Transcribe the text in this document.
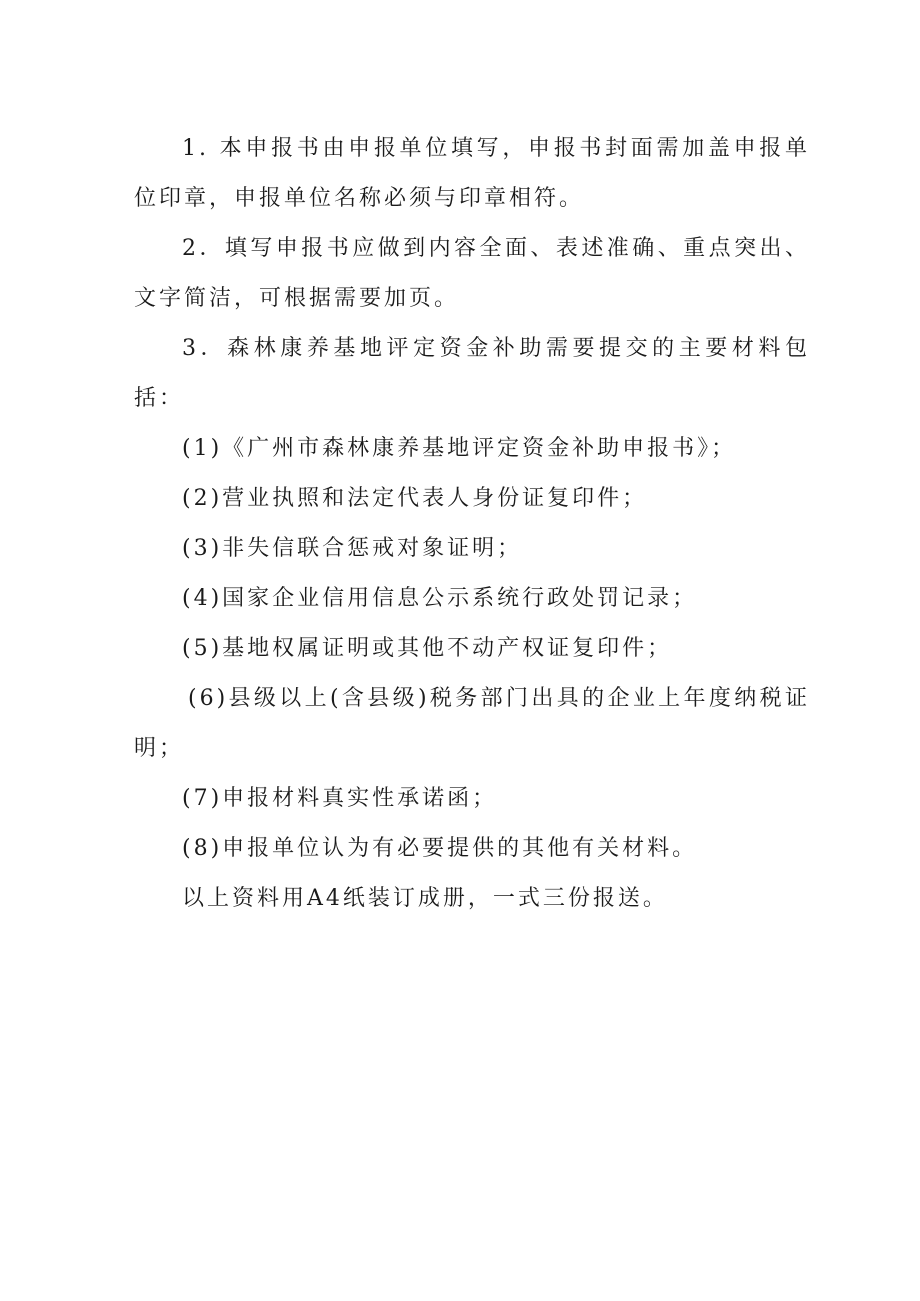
1. 本申报书由申报单位填写，申报书封面需加盖申报单位印章，申报单位名称必须与印章相符。

2．填写申报书应做到内容全面、表述准确、重点突出、文字简洁，可根据需要加页。

3．森林康养基地评定资金补助需要提交的主要材料包括：

(1)《广州市森林康养基地评定资金补助申报书》；

(2)营业执照和法定代表人身份证复印件；

(3)非失信联合惩戒对象证明；

(4)国家企业信用信息公示系统行政处罚记录；

(5)基地权属证明或其他不动产权证复印件；

(6)县级以上(含县级)税务部门出具的企业上年度纳税证明；

(7)申报材料真实性承诺函；

(8)申报单位认为有必要提供的其他有关材料。

以上资料用A4纸装订成册，一式三份报送。
